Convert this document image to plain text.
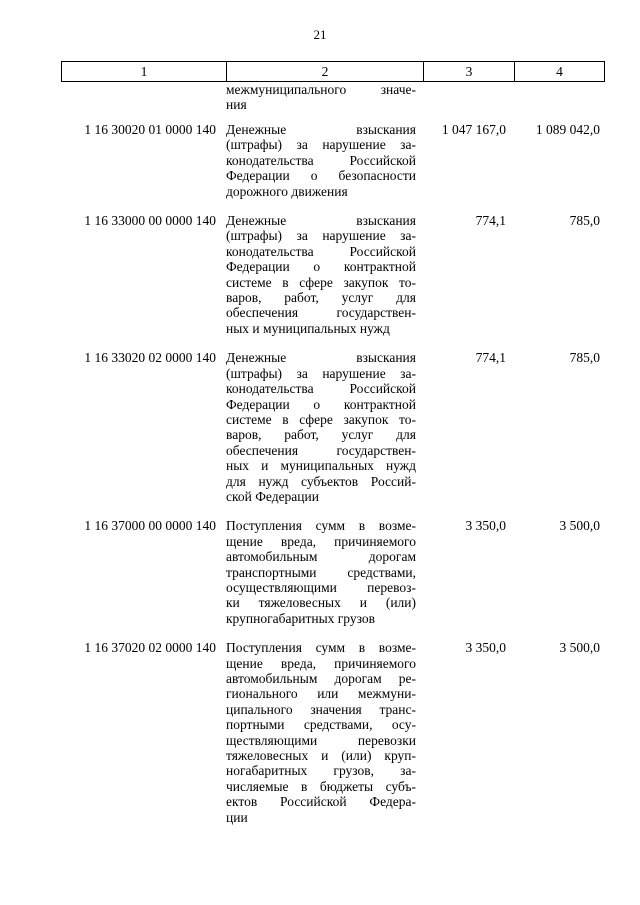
21
1	2	3	4
межмуниципального значе-
ния
1 16 30020 01 0000 140 Денежные взыскания
(штрафы) за нарушение за-
конодательства Российской
Федерации о безопасности
дорожного движения
1 047 167,0	1 089 042,0
1 16 33000 00 0000 140 Денежные взыскания
(штрафы) за нарушение за-
конодательства Российской
Федерации о контрактной
системе в сфере закупок то-
варов, работ, услуг для
обеспечения государствен-
ных и муниципальных нужд
774,1	785,0
1 16 33020 02 0000 140 Денежные взыскания
(штрафы) за нарушение за-
конодательства Российской
Федерации о контрактной
системе в сфере закупок то-
варов, работ, услуг для
обеспечения государствен-
ных и муниципальных нужд
для нужд субъектов Россий-
ской Федерации
774,1	785,0
1 16 37000 00 0000 140 Поступления сумм в возме-
щение вреда, причиняемого
автомобильным дорогам
транспортными средствами,
осуществляющими перевоз-
ки тяжеловесных и (или)
крупногабаритных грузов
3 350,0	3 500,0
1 16 37020 02 0000 140 Поступления сумм в возме-
щение вреда, причиняемого
автомобильным дорогам ре-
гионального или межмуни-
ципального значения транс-
портными средствами, осу-
ществляющими перевозки
тяжеловесных и (или) круп-
ногабаритных грузов, за-
числяемые в бюджеты субъ-
ектов Российской Федера-
ции
3 350,0	3 500,0
